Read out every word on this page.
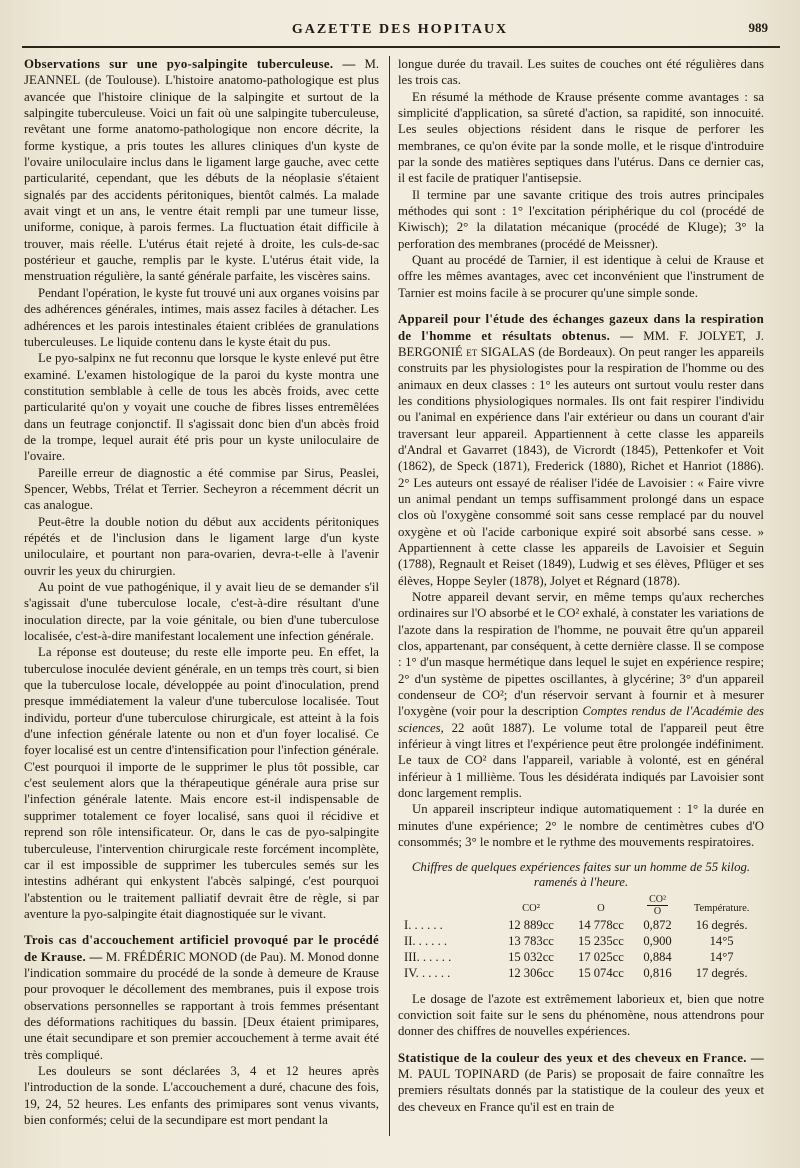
GAZETTE DES HOPITAUX	989

Observations sur une pyo-salpingite tuberculeuse. — M. JEANNEL (de Toulouse). L'histoire anatomo-pathologique est plus avancée que l'histoire clinique de la salpingite et surtout de la salpingite tuberculeuse. Voici un fait où une salpingite tuberculeuse, revêtant une forme anatomo-pathologique non encore décrite, la forme kystique, a pris toutes les allures cliniques d'un kyste de l'ovaire uniloculaire inclus dans le ligament large gauche, avec cette particularité, cependant, que les débuts de la néoplasie s'étaient signalés par des accidents péritoniques, bientôt calmés. La malade avait vingt et un ans, le ventre était rempli par une tumeur lisse, uniforme, conique, à parois fermes. La fluctuation était difficile à trouver, mais réelle. L'utérus était rejeté à droite, les culs-de-sac postérieur et gauche, remplis par le kyste. L'utérus était vide, la menstruation régulière, la santé générale parfaite, les viscères sains.

Pendant l'opération, le kyste fut trouvé uni aux organes voisins par des adhérences générales, intimes, mais assez faciles à détacher. Les adhérences et les parois intestinales étaient criblées de granulations tuberculeuses. Le liquide contenu dans le kyste était du pus.

Le pyo-salpinx ne fut reconnu que lorsque le kyste enlevé put être examiné. L'examen histologique de la paroi du kyste montra une constitution semblable à celle de tous les abcès froids, avec cette particularité qu'on y voyait une couche de fibres lisses entremêlées dans un feutrage conjonctif. Il s'agissait donc bien d'un abcès froid de la trompe, lequel aurait été pris pour un kyste uniloculaire de l'ovaire.

Pareille erreur de diagnostic a été commise par Sirus, Peaslei, Spencer, Webbs, Trélat et Terrier. Secheyron a récemment décrit un cas analogue.

Peut-être la double notion du début aux accidents péritoniques répétés et de l'inclusion dans le ligament large d'un kyste uniloculaire, et pourtant non para-ovarien, devra-t-elle à l'avenir ouvrir les yeux du chirurgien.

Au point de vue pathogénique, il y avait lieu de se demander s'il s'agissait d'une tuberculose locale, c'est-à-dire résultant d'une inoculation directe, par la voie génitale, ou bien d'une tuberculose localisée, c'est-à-dire manifestant localement une infection générale.

La réponse est douteuse; du reste elle importe peu. En effet, la tuberculose inoculée devient générale, en un temps très court, si bien que la tuberculose locale, développée au point d'inoculation, prend presque immédiatement la valeur d'une tuberculose localisée. Tout individu, porteur d'une tuberculose chirurgicale, est atteint à la fois d'une infection générale latente ou non et d'un foyer localisé. Ce foyer localisé est un centre d'intensification pour l'infection générale. C'est pourquoi il importe de le supprimer le plus tôt possible, car c'est seulement alors que la thérapeutique générale aura prise sur l'infection générale latente. Mais encore est-il indispensable de supprimer totalement ce foyer localisé, sans quoi il récidive et reprend son rôle intensificateur. Or, dans le cas de pyo-salpingite tuberculeuse, l'intervention chirurgicale reste forcément incomplète, car il est impossible de supprimer les tubercules semés sur les intestins adhérant qui enkystent l'abcès salpingé, c'est pourquoi l'abstention ou le traitement palliatif devrait être de règle, si par aventure la pyo-salpingite était diagnostiquée sur le vivant.

Trois cas d'accouchement artificiel provoqué par le procédé de Krause. — M. FRÉDÉRIC MONOD (de Pau). M. Monod donne l'indication sommaire du procédé de la sonde à demeure de Krause pour provoquer le décollement des membranes, puis il expose trois observations personnelles se rapportant à trois femmes présentant des déformations rachitiques du bassin. [Deux étaient primipares, une était secundipare et son premier accouchement à terme avait été très compliqué.

Les douleurs se sont déclarées 3, 4 et 12 heures après l'introduction de la sonde. L'accouchement a duré, chacune des fois, 19, 24, 52 heures. Les enfants des primipares sont venus vivants, bien conformés; celui de la secundipare est mort pendant la

longue durée du travail. Les suites de couches ont été régulières dans les trois cas.

En résumé la méthode de Krause présente comme avantages : sa simplicité d'application, sa sûreté d'action, sa rapidité, son innocuité. Les seules objections résident dans le risque de perforer les membranes, ce qu'on évite par la sonde molle, et le risque d'introduire par la sonde des matières septiques dans l'utérus. Dans ce dernier cas, il est facile de pratiquer l'antisepsie.

Il termine par une savante critique des trois autres principales méthodes qui sont : 1° l'excitation périphérique du col (procédé de Kiwisch); 2° la dilatation mécanique (procédé de Kluge); 3° la perforation des membranes (procédé de Meissner).

Quant au procédé de Tarnier, il est identique à celui de Krause et offre les mêmes avantages, avec cet inconvénient que l'instrument de Tarnier est moins facile à se procurer qu'une simple sonde.

Appareil pour l'étude des échanges gazeux dans la respiration de l'homme et résultats obtenus. — MM. F. JOLYET, J. BERGONIÉ et SIGALAS (de Bordeaux). On peut ranger les appareils construits par les physiologistes pour la respiration de l'homme ou des animaux en deux classes : 1° les auteurs ont surtout voulu rester dans les conditions physiologiques normales. Ils ont fait respirer l'individu ou l'animal en expérience dans l'air extérieur ou dans un courant d'air traversant leur appareil. Appartiennent à cette classe les appareils d'Andral et Gavarret (1843), de Vicrordt (1845), Pettenkofer et Voit (1862), de Speck (1871), Frederick (1880), Richet et Hanriot (1886). 2° Les auteurs ont essayé de réaliser l'idée de Lavoisier : « Faire vivre un animal pendant un temps suffisamment prolongé dans un espace clos où l'oxygène consommé soit sans cesse remplacé par du nouvel oxygène et où l'acide carbonique expiré soit absorbé sans cesse. » Appartiennent à cette classe les appareils de Lavoisier et Seguin (1788), Regnault et Reiset (1849), Ludwig et ses élèves, Pflüger et ses élèves, Hoppe Seyler (1878), Jolyet et Régnard (1878).

Notre appareil devant servir, en même temps qu'aux recherches ordinaires sur l'O absorbé et le CO² exhalé, à constater les variations de l'azote dans la respiration de l'homme, ne pouvait être qu'un appareil clos, appartenant, par conséquent, à cette dernière classe. Il se compose : 1° d'un masque hermétique dans lequel le sujet en expérience respire; 2° d'un système de pipettes oscillantes, à glycérine; 3° d'un appareil condenseur de CO²; d'un réservoir servant à fournir et à mesurer l'oxygène (voir pour la description Comptes rendus de l'Académie des sciences, 22 août 1887). Le volume total de l'appareil peut être inférieur à vingt litres et l'expérience peut être prolongée indéfiniment. Le taux de CO² dans l'appareil, variable à volonté, est en général inférieur à 1 millième. Tous les désidérata indiqués par Lavoisier sont donc largement remplis.

Un appareil inscripteur indique automatiquement : 1° la durée en minutes d'une expérience; 2° le nombre de centimètres cubes d'O consommés; 3° le nombre et le rythme des mouvements respiratoires.

Chiffres de quelques expériences faites sur un homme de 55 kilog. ramenés à l'heure.
	CO²	O	$\frac{\text{CO²}}{O}$	Température.
I. . . . . .	12 889cc	14 778cc	0,872	16 degrés.
II. . . . . .	13 783cc	15 235cc	0,900	14°5
III. . . . . .	15 032cc	17 025cc	0,884	14°7
IV. . . . . .	12 306cc	15 074cc	0,816	17 degrés.

Le dosage de l'azote est extrêmement laborieux et, bien que notre conviction soit faite sur le sens du phénomène, nous attendrons pour donner des chiffres de nouvelles expériences.

Statistique de la couleur des yeux et des cheveux en France. — M. PAUL TOPINARD (de Paris) se proposait de faire connaître les premiers résultats donnés par la statistique de la couleur des yeux et des cheveux en France qu'il est en train de
